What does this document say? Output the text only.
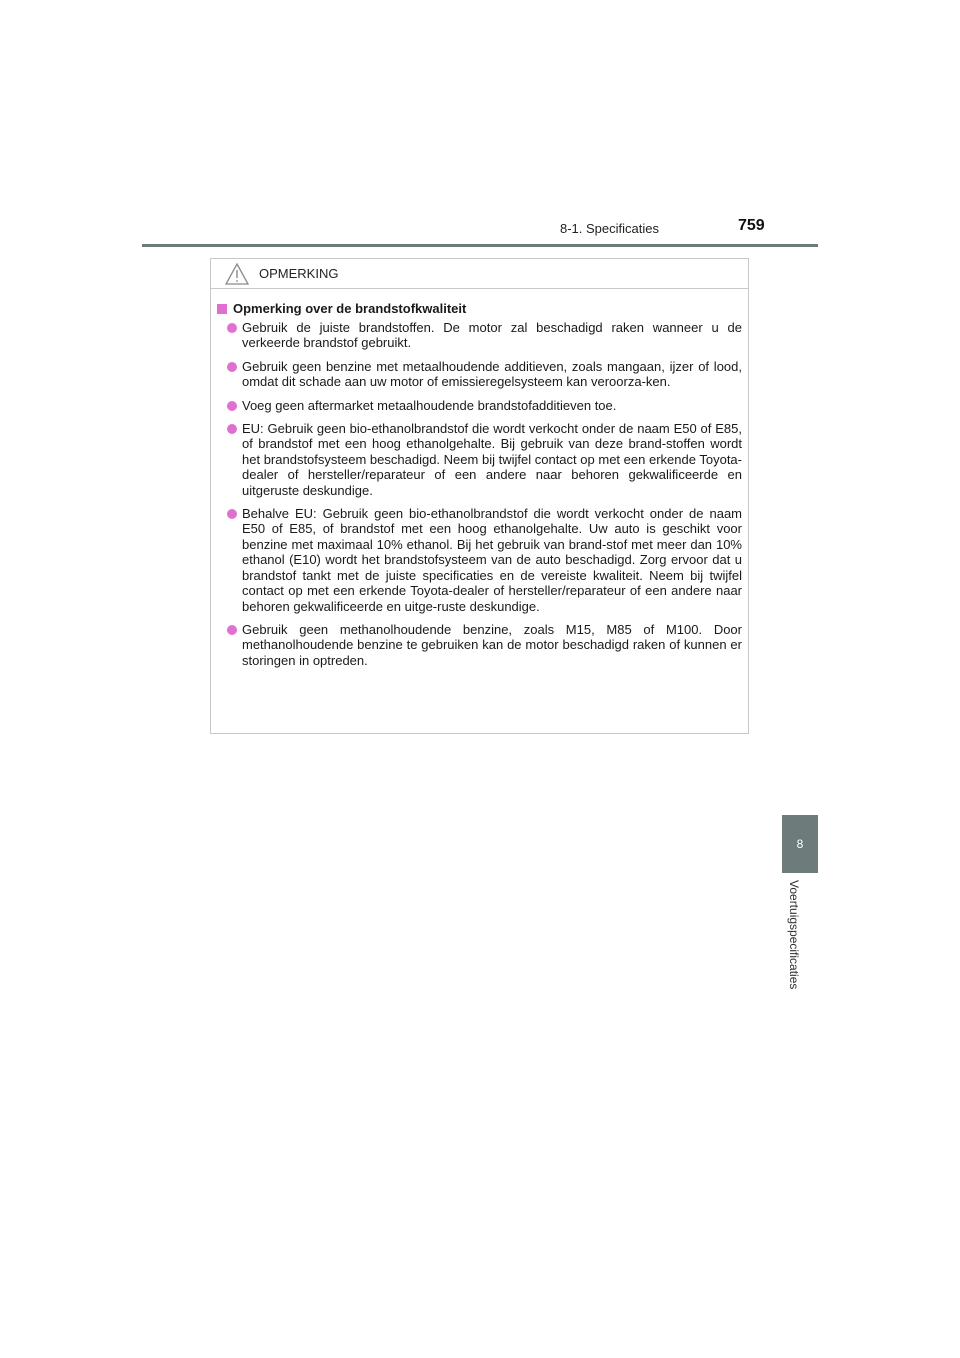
8-1. Specificaties	759
8
Voertuigspecificaties
OPMERKING
Opmerking over de brandstofkwaliteit
Gebruik de juiste brandstoffen. De motor zal beschadigd raken wanneer u de verkeerde brandstof gebruikt.
Gebruik geen benzine met metaalhoudende additieven, zoals mangaan, ijzer of lood, omdat dit schade aan uw motor of emissieregelsysteem kan veroorza-ken.
Voeg geen aftermarket metaalhoudende brandstofadditieven toe.
EU: Gebruik geen bio-ethanolbrandstof die wordt verkocht onder de naam E50 of E85, of brandstof met een hoog ethanolgehalte. Bij gebruik van deze brand-stoffen wordt het brandstofsysteem beschadigd. Neem bij twijfel contact op met een erkende Toyota-dealer of hersteller/reparateur of een andere naar behoren gekwalificeerde en uitgeruste deskundige.
Behalve EU: Gebruik geen bio-ethanolbrandstof die wordt verkocht onder de naam E50 of E85, of brandstof met een hoog ethanolgehalte. Uw auto is geschikt voor benzine met maximaal 10% ethanol. Bij het gebruik van brand-stof met meer dan 10% ethanol (E10) wordt het brandstofsysteem van de auto beschadigd. Zorg ervoor dat u brandstof tankt met de juiste specificaties en de vereiste kwaliteit. Neem bij twijfel contact op met een erkende Toyota-dealer of hersteller/reparateur of een andere naar behoren gekwalificeerde en uitge-ruste deskundige.
Gebruik geen methanolhoudende benzine, zoals M15, M85 of M100. Door methanolhoudende benzine te gebruiken kan de motor beschadigd raken of kunnen er storingen in optreden.
